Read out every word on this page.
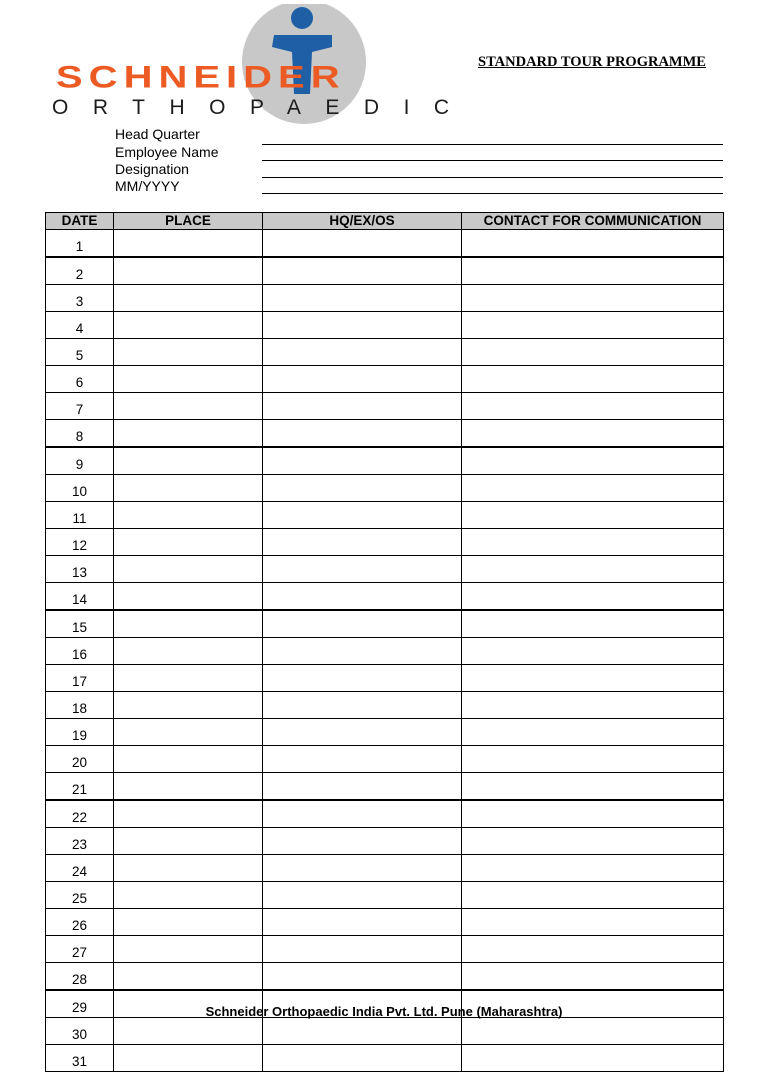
SCHNEIDER
ORTHOPAEDIC
STANDARD TOUR PROGRAMME
Head Quarter
Employee Name
Designation
MM/YYYY
DATE	PLACE	HQ/EX/OS	CONTACT FOR COMMUNICATION
1			
2			
3			
4			
5			
6			
7			
8			
9			
10			
11			
12			
13			
14			
15			
16			
17			
18			
19			
20			
21			
22			
23			
24			
25			
26			
27			
28			
29			
30			
31			
Schneider Orthopaedic India Pvt. Ltd. Pune (Maharashtra)
